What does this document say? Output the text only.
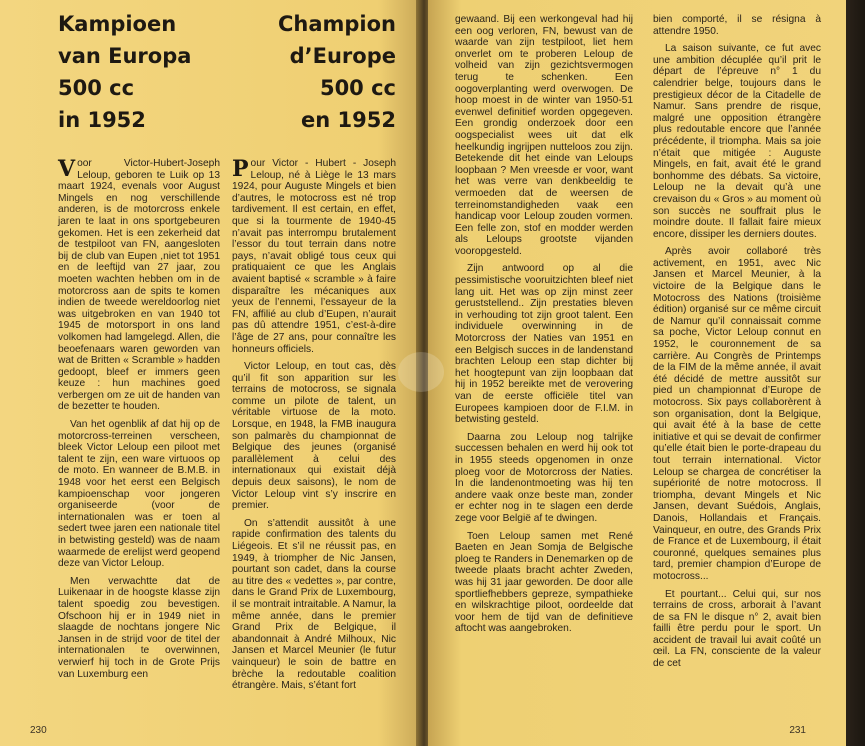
Kampioen
van Europa
500 cc
in 1952
Champion
d’Europe
500 cc
en 1952

Voor Victor-Hubert-Joseph Leloup, geboren te Luik op 13 maart 1924, evenals voor August Mingels en nog verschillende anderen, is de motorcross enkele jaren te laat in ons sportgebeuren gekomen. Het is een zekerheid dat de testpiloot van FN, aangesloten bij de club van Eupen ,niet tot 1951 en de leeftijd van 27 jaar, zou moeten wachten hebben om in de motorcross aan de spits te komen indien de tweede wereldoorlog niet was uitgebroken en van 1940 tot 1945 de motorsport in ons land volkomen had lamgelegd. Allen, die beoefenaars waren geworden van wat de Britten « Scramble » hadden gedoopt, bleef er immers geen keuze : hun machines goed verbergen om ze uit de handen van de bezetter te houden.

Van het ogenblik af dat hij op de motorcross-terreinen verscheen, bleek Victor Leloup een piloot met talent te zijn, een ware virtuoos op de moto. En wanneer de B.M.B. in 1948 voor het eerst een Belgisch kampioenschap voor jongeren organiseerde (voor de internationalen was er toen al sedert twee jaren een nationale titel in betwisting gesteld) was de naam waarmede de erelijst werd geopend deze van Victor Leloup.

Men verwachtte dat de Luikenaar in de hoogste klasse zijn talent spoedig zou bevestigen. Ofschoon hij er in 1949 niet in slaagde de nochtans jongere Nic Jansen in de strijd voor de titel der internationalen te overwinnen, verwierf hij toch in de Grote Prijs van Luxemburg een

Pour Victor - Hubert - Joseph Leloup, né à Liège le 13 mars 1924, pour Auguste Mingels et bien d’autres, le motocross est né trop tardivement. Il est certain, en effet, que si la tourmente de 1940-45 n’avait pas interrompu brutalement l’essor du tout terrain dans notre pays, n’avait obligé tous ceux qui pratiquaient ce que les Anglais avaient baptisé « scramble » à faire disparaître les mécaniques aux yeux de l’ennemi, l’essayeur de la FN, affilié au club d’Eupen, n’aurait pas dû attendre 1951, c’est-à-dire l’âge de 27 ans, pour connaître les honneurs officiels.

Victor Leloup, en tout cas, dès qu’il fit son apparition sur les terrains de motocross, se signala comme un pilote de talent, un véritable virtuose de la moto. Lorsque, en 1948, la FMB inaugura son palmarès du championnat de Belgique des jeunes (organisé parallèlement à celui des internationaux qui existait déjà depuis deux saisons), le nom de Victor Leloup vint s’y inscrire en premier.

On s’attendit aussitôt à une rapide confirmation des talents du Liégeois. Et s’il ne réussit pas, en 1949, à triompher de Nic Jansen, pourtant son cadet, dans la course au titre des « vedettes », par contre, dans le Grand Prix de Luxembourg, il se montrait intraitable. A Namur, la même année, dans le premier Grand Prix de Belgique, il abandonnait à André Milhoux, Nic Jansen et Marcel Meunier (le futur vainqueur) le soin de battre en brèche la redoutable coalition étrangère. Mais, s’étant fort

230

gewaand. Bij een werkongeval had hij een oog verloren, FN, bewust van de waarde van zijn testpiloot, liet hem onverlet om te proberen Leloup de volheid van zijn gezichtsvermogen terug te schenken. Een oogoverplanting werd overwogen. De hoop moest in de winter van 1950-51 evenwel definitief worden opgegeven. Een grondig onderzoek door een oogspecialist wees uit dat elk heelkundig ingrijpen nutteloos zou zijn. Betekende dit het einde van Leloups loopbaan ? Men vreesde er voor, want het was verre van denkbeeldig te vermoeden dat de weersen de terreinomstandigheden vaak een handicap voor Leloup zouden vormen. Een felle zon, stof en modder werden als Leloups grootste vijanden vooropgesteld.

Zijn antwoord op al die pessimistische vooruitzichten bleef niet lang uit. Het was op zijn minst zeer geruststellend.. Zijn prestaties bleven in verhouding tot zijn groot talent. Een individuele overwinning in de Motorcross der Naties van 1951 en een Belgisch succes in de landenstand brachten Leloup een stap dichter bij het hoogtepunt van zijn loopbaan dat hij in 1952 bereikte met de verovering van de eerste officiële titel van Europees kampioen door de F.I.M. in betwisting gesteld.

Daarna zou Leloup nog talrijke successen behalen en werd hij ook tot in 1955 steeds opgenomen in onze ploeg voor de Motorcross der Naties. In die landenontmoeting was hij ten andere vaak onze beste man, zonder er echter nog in te slagen een derde zege voor België af te dwingen.

Toen Leloup samen met René Baeten en Jean Somja de Belgische ploeg te Randers in Denemarken op de tweede plaats bracht achter Zweden, was hij 31 jaar geworden. De door alle sportliefhebbers gepreze, sympathieke en wilskrachtige piloot, oordeelde dat voor hem de tijd van de definitieve aftocht was aangebroken.

bien comporté, il se résigna à attendre 1950.

La saison suivante, ce fut avec une ambition décuplée qu’il prit le départ de l’épreuve n° 1 du calendrier belge, toujours dans le prestigieux décor de la Citadelle de Namur. Sans prendre de risque, malgré une opposition étrangère plus redoutable encore que l’année précédente, il triompha. Mais sa joie n’était que mitigée : Auguste Mingels, en fait, avait été le grand bonhomme des débats. Sa victoire, Leloup ne la devait qu’à une crevaison du « Gros » au moment où son succès ne souffrait plus le moindre doute. Il fallait faire mieux encore, dissiper les derniers doutes.

Après avoir collaboré très activement, en 1951, avec Nic Jansen et Marcel Meunier, à la victoire de la Belgique dans le Motocross des Nations (troisième édition) organisé sur ce même circuit de Namur qu’il connaissait comme sa poche, Victor Leloup connut en 1952, le couronnement de sa carrière. Au Congrès de Printemps de la FIM de la même année, il avait été décidé de mettre aussitôt sur pied un championnat d’Europe de motocross. Six pays collaborèrent à son organisation, dont la Belgique, qui avait été à la base de cette initiative et qui se devait de confirmer qu’elle était bien le porte-drapeau du tout terrain international. Victor Leloup se chargea de concrétiser la supériorité de notre motocross. Il triompha, devant Mingels et Nic Jansen, devant Suédois, Anglais, Danois, Hollandais et Français. Vainqueur, en outre, des Grands Prix de France et de Luxembourg, il était couronné, quelques semaines plus tard, premier champion d’Europe de motocross...

Et pourtant... Celui qui, sur nos terrains de cross, arborait à l’avant de sa FN le disque n° 2, avait bien failli être perdu pour le sport. Un accident de travail lui avait coûté un œil. La FN, consciente de la valeur de cet

231
